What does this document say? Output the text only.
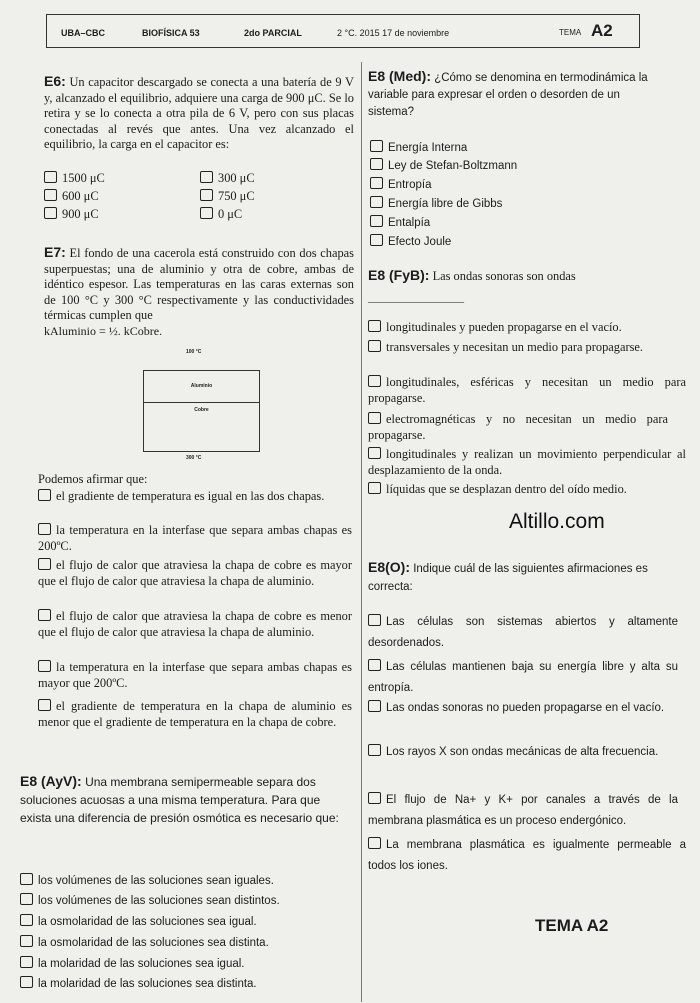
UBA–CBC	BIOFÍSICA 53	2do PARCIAL	2 °C. 2015 17 de noviembre	TEMA A2
E6: Un capacitor descargado se conecta a una batería de 9 V y, alcanzado el equilibrio, adquiere una carga de 900 μC. Se lo retira y se lo conecta a otra pila de 6 V, pero con sus placas conectadas al revés que antes. Una vez alcanzado el equilibrio, la carga en el capacitor es:
1500 μC	300 μC
600 μC	750 μC
900 μC	0 μC
E7: El fondo de una cacerola está construido con dos chapas superpuestas; una de aluminio y otra de cobre, ambas de idéntico espesor. Las temperaturas en las caras externas son de 100 °C y 300 °C respectivamente y las conductividades térmicas cumplen que
kAluminio = ½. kCobre.
Aluminio
Cobre
100 °C
300 °C
Podemos afirmar que:
el gradiente de temperatura es igual en las dos chapas.
la temperatura en la interfase que separa ambas chapas es 200ºC.
el flujo de calor que atraviesa la chapa de cobre es mayor que el flujo de calor que atraviesa la chapa de aluminio.
el flujo de calor que atraviesa la chapa de cobre es menor que el flujo de calor que atraviesa la chapa de aluminio.
la temperatura en la interfase que separa ambas chapas es mayor que 200ºC.
el gradiente de temperatura en la chapa de aluminio es menor que el gradiente de temperatura en la chapa de cobre.
E8 (AyV): Una membrana semipermeable separa dos soluciones acuosas a una misma temperatura. Para que exista una diferencia de presión osmótica es necesario que:
los volúmenes de las soluciones sean iguales.
los volúmenes de las soluciones sean distintos.
la osmolaridad de las soluciones sea igual.
la osmolaridad de las soluciones sea distinta.
la molaridad de las soluciones sea igual.
la molaridad de las soluciones sea distinta.
E8 (Med): ¿Cómo se denomina en termodinámica la variable para expresar el orden o desorden de un sistema?
Energía Interna
Ley de Stefan-Boltzmann
Entropía
Energía libre de Gibbs
Entalpía
Efecto Joule
E8 (FyB): Las ondas sonoras son ondas
________________
longitudinales y pueden propagarse en el vacío.
transversales y necesitan un medio para propagarse.
longitudinales, esféricas y necesitan un medio para propagarse.
electromagnéticas y no necesitan un medio para propagarse.
longitudinales y realizan un movimiento perpendicular al desplazamiento de la onda.
líquidas que se desplazan dentro del oído medio.
Altillo.com
E8(O): Indique cuál de las siguientes afirmaciones es correcta:
Las células son sistemas abiertos y altamente desordenados.
Las células mantienen baja su energía libre y alta su entropía.
Las ondas sonoras no pueden propagarse en el vacío.
Los rayos X son ondas mecánicas de alta frecuencia.
El flujo de Na+ y K+ por canales a través de la membrana plasmática es un proceso endergónico.
La membrana plasmática es igualmente permeable a todos los iones.
TEMA A2
